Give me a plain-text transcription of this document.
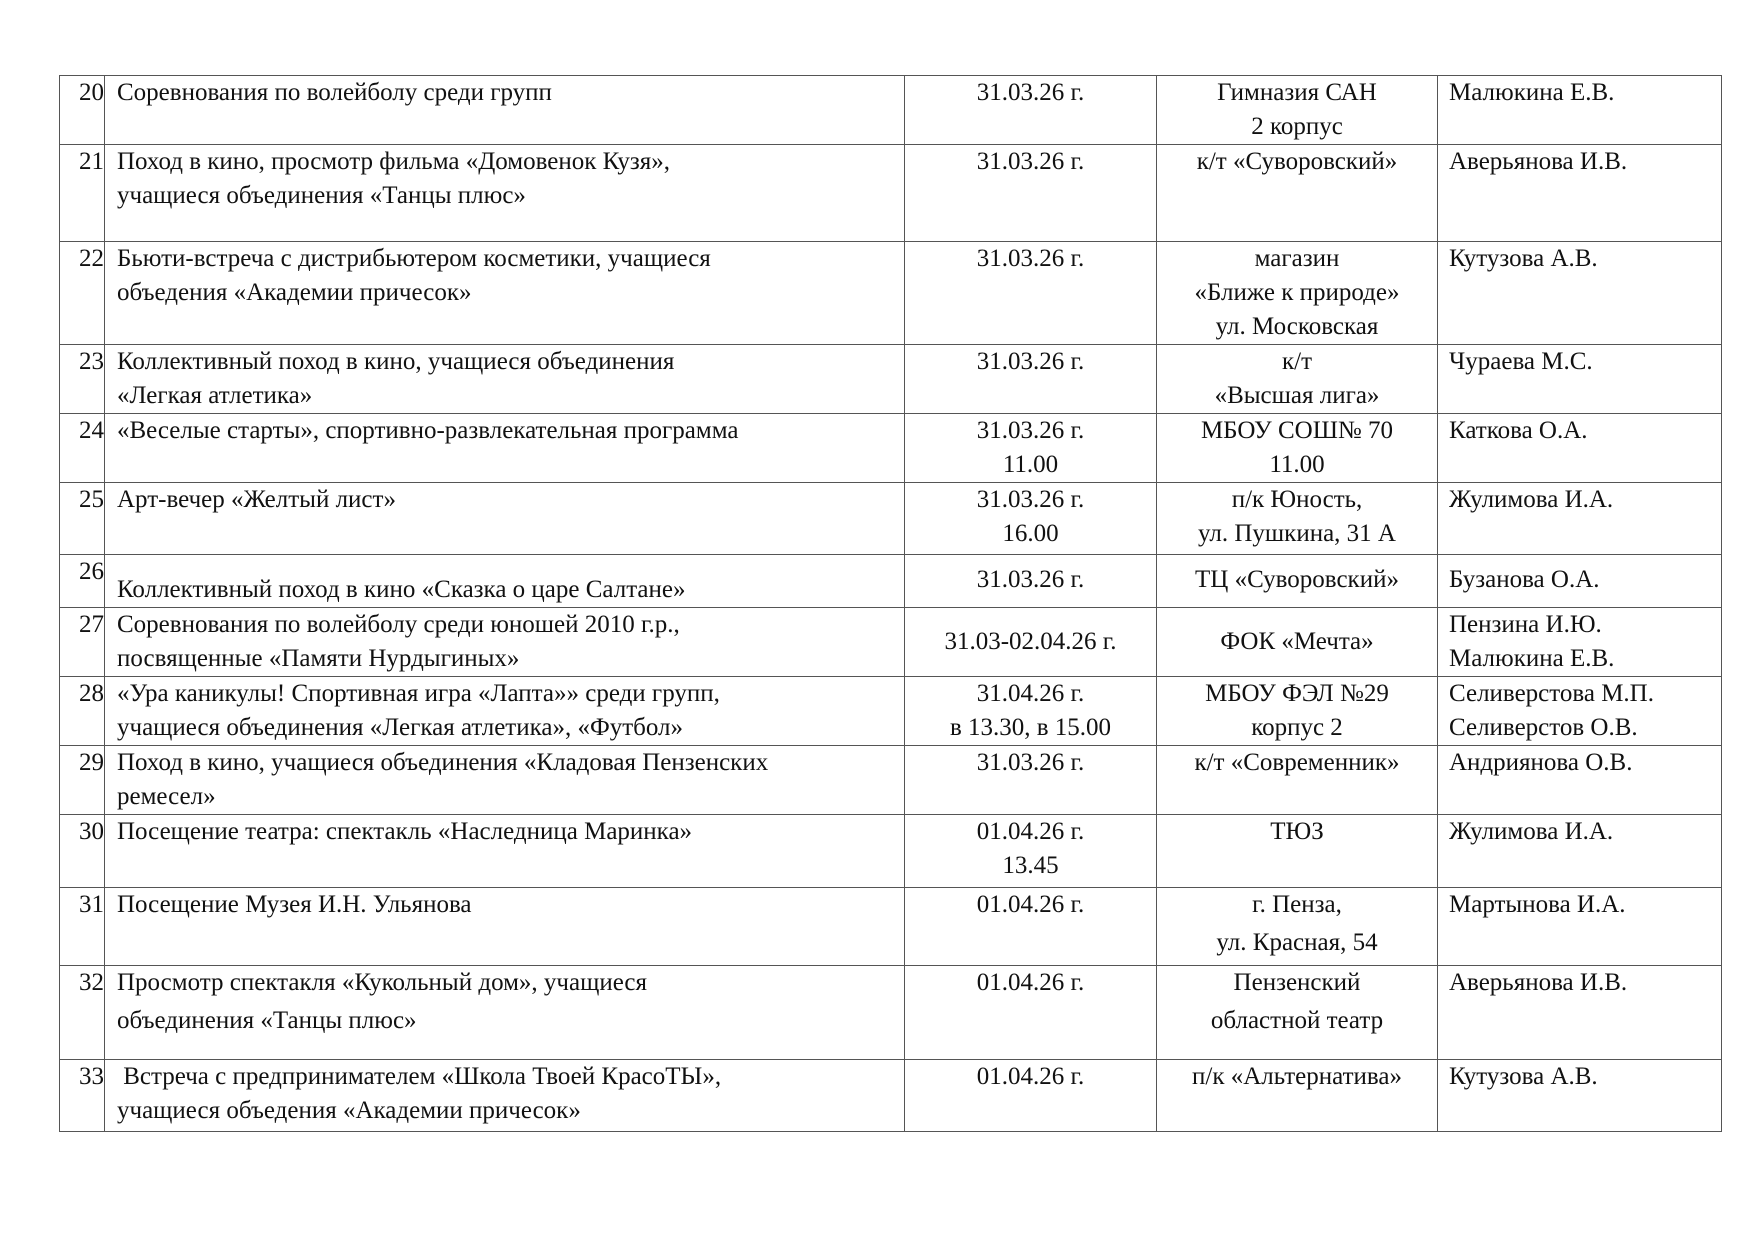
20	Соревнования по волейболу среди групп	31.03.26 г.	Гимназия САН
2 корпус	Малюкина Е.В.

21	Поход в кино, просмотр фильма «Домовенок Кузя»,
учащиеся объединения «Танцы плюс»	31.03.26 г.	к/т «Суворовский»	Аверьянова И.В.

22	Бьюти-встреча с дистрибьютером косметики, учащиеся
объедения «Академии причесок»	31.03.26 г.	магазин
«Ближе к природе»
ул. Московская	Кутузова А.В.

23	Коллективный поход в кино, учащиеся объединения
«Легкая атлетика»	31.03.26 г.	к/т
«Высшая лига»	Чураева М.С.

24	«Веселые старты», спортивно-развлекательная программа	31.03.26 г.
11.00	МБОУ СОШ№ 70
11.00	Каткова О.А.

25	Арт-вечер «Желтый лист»	31.03.26 г.
16.00	п/к Юность,
ул. Пушкина, 31 А	Жулимова И.А.

26	Коллективный поход в кино «Сказка о царе Салтане»	31.03.26 г.	ТЦ «Суворовский»	Бузанова О.А.

27	Соревнования по волейболу среди юношей 2010 г.р.,
посвященные «Памяти Нурдыгиных»	31.03-02.04.26 г.	ФОК «Мечта»	Пензина И.Ю.
Малюкина Е.В.

28	«Ура каникулы! Спортивная игра «Лапта»» среди групп,
учащиеся объединения «Легкая атлетика», «Футбол»	31.04.26 г.
в 13.30, в 15.00	МБОУ ФЭЛ №29
корпус 2	Селиверстова М.П.
Селиверстов О.В.

29	Поход в кино, учащиеся объединения «Кладовая Пензенских
ремесел»	31.03.26 г.	к/т «Современник»	Андриянова О.В.

30	Посещение театра: спектакль «Наследница Маринка»	01.04.26 г.
13.45	ТЮЗ	Жулимова И.А.

31	Посещение Музея И.Н. Ульянова	01.04.26 г.	г. Пенза,
ул. Красная, 54	Мартынова И.А.

32	Просмотр спектакля «Кукольный дом», учащиеся
объединения «Танцы плюс»	01.04.26 г.	Пензенский
областной театр	Аверьянова И.В.

33	Встреча с предпринимателем «Школа Твоей КрасоТЫ»,
учащиеся объедения «Академии причесок»	01.04.26 г.	п/к «Альтернатива»	Кутузова А.В.
